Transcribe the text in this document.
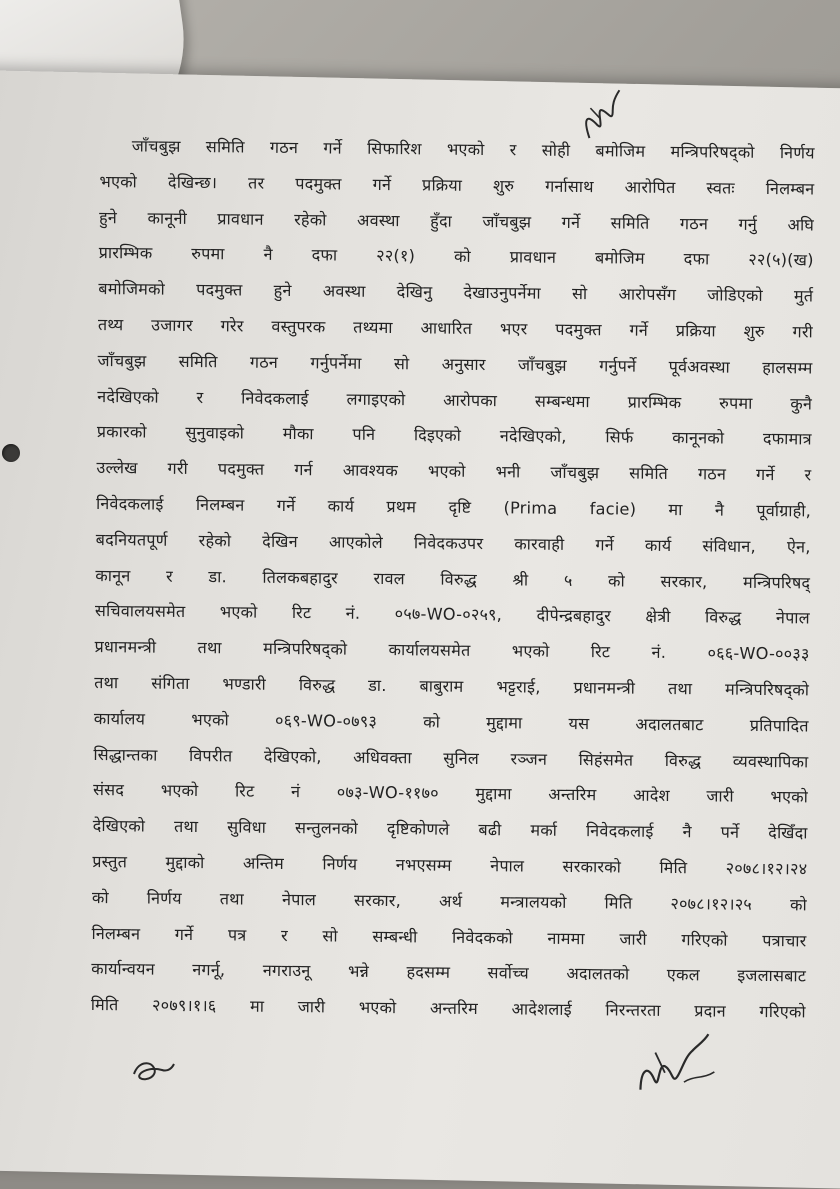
जाँचबुझ समिति गठन गर्ने सिफारिश भएको र सोही बमोजिम मन्त्रिपरिषद्को निर्णय
भएको देखिन्छ। तर पदमुक्त गर्ने प्रक्रिया शुरु गर्नासाथ आरोपित स्वतः निलम्बन
हुने कानूनी प्रावधान रहेको अवस्था हुँदा जाँचबुझ गर्ने समिति गठन गर्नु अघि
प्रारम्भिक रुपमा नै दफा २२(१) को प्रावधान बमोजिम दफा २२(५)(ख)
बमोजिमको पदमुक्त हुने अवस्था देखिनु देखाउनुपर्नेमा सो आरोपसँग जोडिएको मुर्त
तथ्य उजागर गरेर वस्तुपरक तथ्यमा आधारित भएर पदमुक्त गर्ने प्रक्रिया शुरु गरी
जाँचबुझ समिति गठन गर्नुपर्नेमा सो अनुसार जाँचबुझ गर्नुपर्ने पूर्वअवस्था हालसम्म
नदेखिएको र निवेदकलाई लगाइएको आरोपका सम्बन्धमा प्रारम्भिक रुपमा कुनै
प्रकारको सुनुवाइको मौका पनि दिइएको नदेखिएको, सिर्फ कानूनको दफामात्र
उल्लेख गरी पदमुक्त गर्न आवश्यक भएको भनी जाँचबुझ समिति गठन गर्ने र
निवेदकलाई निलम्बन गर्ने कार्य प्रथम दृष्टि (Prima facie) मा नै पूर्वाग्राही,
बदनियतपूर्ण रहेको देखिन आएकोले निवेदकउपर कारवाही गर्ने कार्य संविधान, ऐन,
कानून र डा. तिलकबहादुर रावल विरुद्ध श्री ५ को सरकार, मन्त्रिपरिषद्
सचिवालयसमेत भएको रिट नं. ०५७-WO-०२५९, दीपेन्द्रबहादुर क्षेत्री विरुद्ध नेपाल
प्रधानमन्त्री तथा मन्त्रिपरिषद्को कार्यालयसमेत भएको रिट नं. ०६६-WO-००३३
तथा संगिता भण्डारी विरुद्ध डा. बाबुराम भट्टराई, प्रधानमन्त्री तथा मन्त्रिपरिषद्को
कार्यालय भएको ०६९-WO-०७९३ को मुद्दामा यस अदालतबाट प्रतिपादित
सिद्धान्तका विपरीत देखिएको, अधिवक्ता सुनिल रञ्जन सिहंसमेत विरुद्ध व्यवस्थापिका
संसद भएको रिट नं ०७३-WO-११७० मुद्दामा अन्तरिम आदेश जारी भएको
देखिएको तथा सुविधा सन्तुलनको दृष्टिकोणले बढी मर्का निवेदकलाई नै पर्ने देखिँदा
प्रस्तुत मुद्दाको अन्तिम निर्णय नभएसम्म नेपाल सरकारको मिति २०७८।१२।२४
को निर्णय तथा नेपाल सरकार, अर्थ मन्त्रालयको मिति २०७८।१२।२५ को
निलम्बन गर्ने पत्र र सो सम्बन्धी निवेदकको नाममा जारी गरिएको पत्राचार
कार्यान्वयन नगर्नू, नगराउनू भन्ने हदसम्म सर्वोच्च अदालतको एकल इजलासबाट
मिति २०७९।१।६ मा जारी भएको अन्तरिम आदेशलाई निरन्तरता प्रदान गरिएको
